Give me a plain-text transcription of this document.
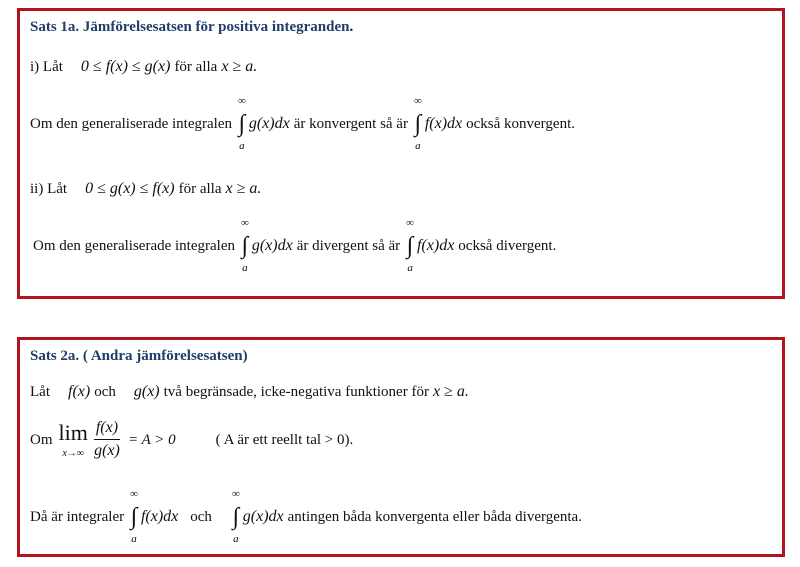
Sats 1a. Jämförelsesatsen för positiva integranden.
i) Låt 0 ≤ f(x) ≤ g(x) för alla x ≥ a.
Om den generaliserade integralen
∞
∫
a
g(x)dx är konvergent så är
∞
∫
a
f(x)dx också konvergent.
ii) Låt 0 ≤ g(x) ≤ f(x) för alla x ≥ a.
Om den generaliserade integralen
∞
∫
a
g(x)dx är divergent så är
∞
∫
a
f(x)dx också divergent.
Sats 2a. ( Andra jämförelsesatsen)
Låt f(x) och g(x) två begränsade, icke-negativa funktioner för x ≥ a.
Om lim
$x\to\infty \frac{f(x)}{g(x)} = A > 0$	( A är ett reellt tal > 0).
Då är integraler
∞
∫
a
f(x)dx och
∞
∫
a
g(x)dx antingen båda konvergenta eller båda divergenta.
